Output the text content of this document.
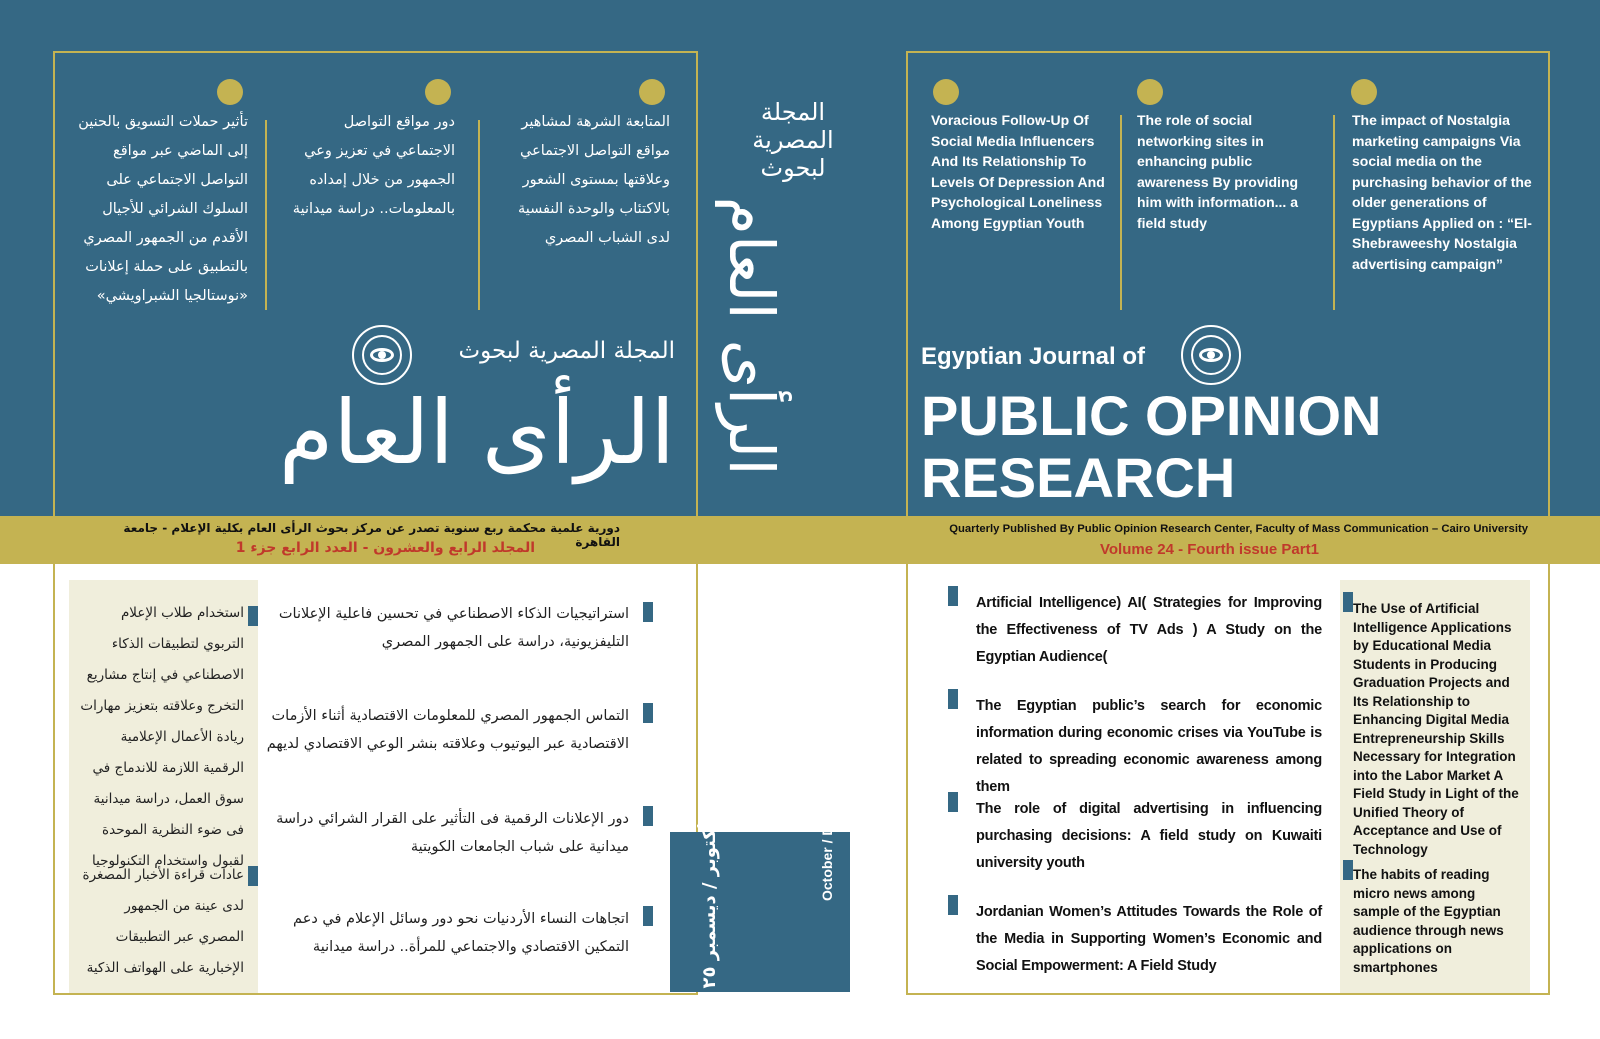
تأثير حملات التسويق بالحنين إلى الماضي عبر مواقع التواصل الاجتماعي على السلوك الشرائي للأجيال الأقدم من الجمهور المصري بالتطبيق على حملة إعلانات «نوستالجيا الشبراويشي»
دور مواقع التواصل الاجتماعي في تعزيز وعي الجمهور من خلال إمداده بالمعلومات.. دراسة ميدانية
المتابعة الشرهة لمشاهير مواقع التواصل الاجتماعي وعلاقتها بمستوى الشعور بالاكتئاب والوحدة النفسية لدى الشباب المصري
المجلة المصرية لبحوث
الرأى العام
دورية علمية محكمة ربع سنوية تصدر عن مركز بحوث الرأى العام بكلية الإعلام - جامعة القاهرة
المجلد الرابع والعشرون - العدد الرابع جزء 1
استخدام طلاب الإعلام التربوي لتطبيقات الذكاء الاصطناعي في إنتاج مشاريع التخرج وعلاقته بتعزيز مهارات ريادة الأعمال الإعلامية الرقمية اللازمة للاندماج في سوق العمل، دراسة ميدانية فى ضوء النظرية الموحدة لقبول واستخدام التكنولوجيا
عادات قراءة الأخبار المصغرة لدى عينة من الجمهور المصري عبر التطبيقات الإخبارية على الهواتف الذكية
استراتيجيات الذكاء الاصطناعي في تحسين فاعلية الإعلانات التليفزيونية، دراسة على الجمهور المصري
التماس الجمهور المصري للمعلومات الاقتصادية أثناء الأزمات الاقتصادية عبر اليوتيوب وعلاقته بنشر الوعي الاقتصادي لديهم
دور الإعلانات الرقمية فى التأثير على القرار الشرائي دراسة ميدانية على شباب الجامعات الكويتية
اتجاهات النساء الأردنيات نحو دور وسائل الإعلام في دعم التمكين الاقتصادي والاجتماعي للمرأة.. دراسة ميدانية
المجلة
المصرية
لبحوث
الرأى العام
أكتوبر / ديسمبر ٢٠٢٥	October / December 2025
Voracious Follow-Up Of Social Media Influencers And Its Relationship To Levels Of Depression And Psychological Loneliness Among Egyptian Youth
The role of social networking sites in enhancing public awareness By providing him with information... a field study
The impact of Nostalgia marketing campaigns Via social media on the purchasing behavior of the older generations of Egyptians Applied on : “El-Shebraweeshy Nostalgia advertising campaign”
Egyptian Journal of
PUBLIC OPINION
RESEARCH
Quarterly Published By Public Opinion Research Center, Faculty of Mass Communication – Cairo University
Volume 24 - Fourth issue Part1
Artificial Intelligence) AI( Strategies for Improving the Effectiveness of TV Ads ) A Study on the Egyptian Audience(
The Egyptian public’s search for economic information during economic crises via YouTube is related to spreading economic awareness among them
The role of digital advertising in influencing purchasing decisions: A field study on Kuwaiti university youth
Jordanian Women’s Attitudes Towards the Role of the Media in Supporting Women’s Economic and Social Empowerment: A Field Study
The Use of Artificial Intelligence Applications by Educational Media Students in Producing Graduation Projects and Its Relationship to Enhancing Digital Media Entrepreneurship Skills Necessary for Integration into the Labor Market A Field Study in Light of the Unified Theory of Acceptance and Use of Technology
The habits of reading micro news among sample of the Egyptian audience through news applications on smartphones
